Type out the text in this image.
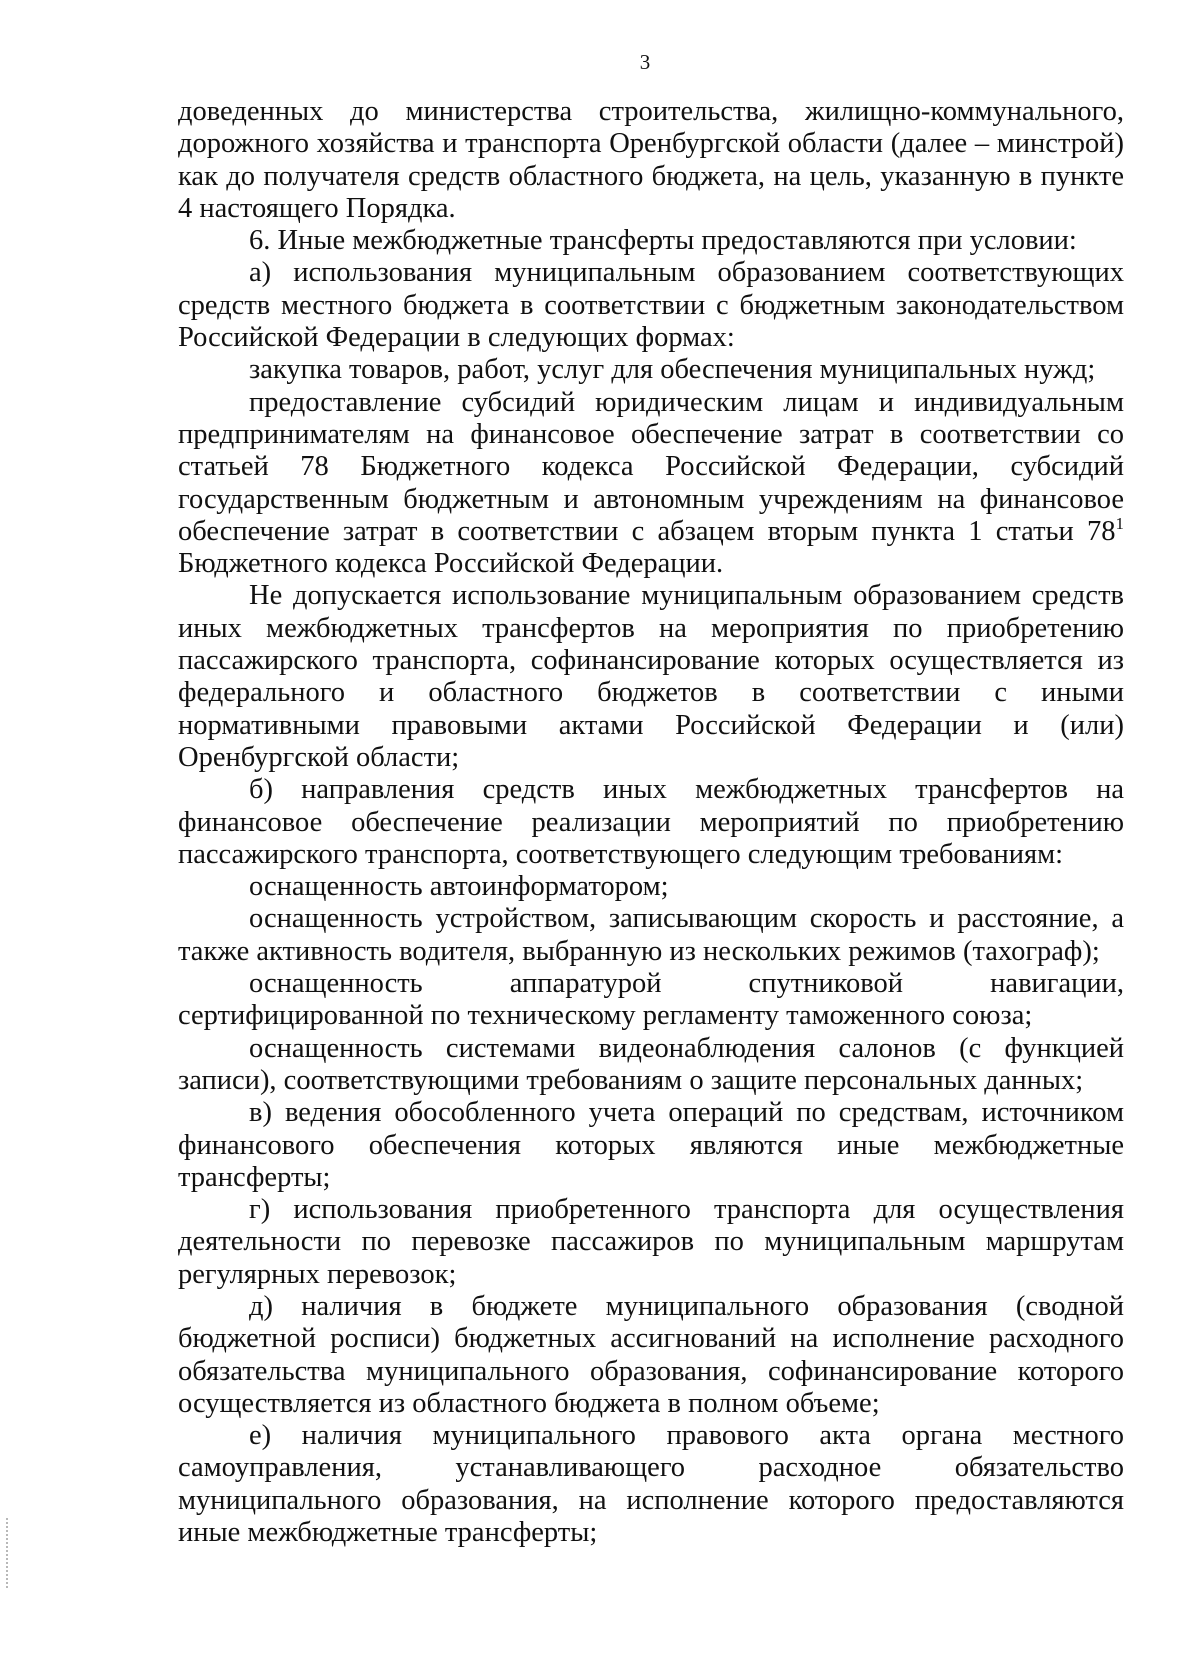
3

доведенных до министерства строительства, жилищно-коммунального, дорожного хозяйства и транспорта Оренбургской области (далее – минстрой) как до получателя средств областного бюджета, на цель, указанную в пункте 4 настоящего Порядка.

6. Иные межбюджетные трансферты предоставляются при условии:

а) использования муниципальным образованием соответствующих средств местного бюджета в соответствии с бюджетным законодательством Российской Федерации в следующих формах:

закупка товаров, работ, услуг для обеспечения муниципальных нужд;

предоставление субсидий юридическим лицам и индивидуальным предпринимателям на финансовое обеспечение затрат в соответствии со статьей 78 Бюджетного кодекса Российской Федерации, субсидий государственным бюджетным и автономным учреждениям на финансовое обеспечение затрат в соответствии с абзацем вторым пункта 1 статьи $78^1$ Бюджетного кодекса Российской Федерации.

Не допускается использование муниципальным образованием средств иных межбюджетных трансфертов на мероприятия по приобретению пассажирского транспорта, софинансирование которых осуществляется из федерального и областного бюджетов в соответствии с иными нормативными правовыми актами Российской Федерации и (или) Оренбургской области;

б) направления средств иных межбюджетных трансфертов на финансовое обеспечение реализации мероприятий по приобретению пассажирского транспорта, соответствующего следующим требованиям:

оснащенность автоинформатором;

оснащенность устройством, записывающим скорость и расстояние, а также активность водителя, выбранную из нескольких режимов (тахограф);

оснащенность аппаратурой спутниковой навигации, сертифицированной по техническому регламенту таможенного союза;

оснащенность системами видеонаблюдения салонов (с функцией записи), соответствующими требованиям о защите персональных данных;

в) ведения обособленного учета операций по средствам, источником финансового обеспечения которых являются иные межбюджетные трансферты;

г) использования приобретенного транспорта для осуществления деятельности по перевозке пассажиров по муниципальным маршрутам регулярных перевозок;

д) наличия в бюджете муниципального образования (сводной бюджетной росписи) бюджетных ассигнований на исполнение расходного обязательства муниципального образования, софинансирование которого осуществляется из областного бюджета в полном объеме;

е) наличия муниципального правового акта органа местного самоуправления, устанавливающего расходное обязательство муниципального образования, на исполнение которого предоставляются иные межбюджетные трансферты;
